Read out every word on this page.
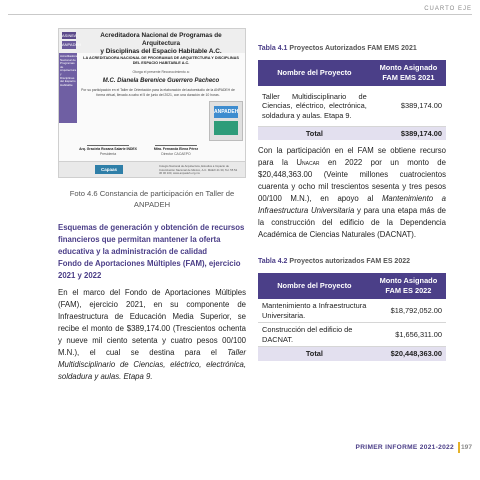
CUARTO EJE
ASINEA
ANPADEH
Acreditadora Nacional de Programas de Arquitectura
y Disciplinas del Espacio Habitable A.C.
Acreditadora Nacional de Programas de Arquitectura y Disciplinas del Espacio Habitable
LA ACREDITADORA NACIONAL DE PROGRAMAS DE ARQUITECTURA Y DISCIPLINAS
DEL ESPACIO HABITABLE A.C.
Otorga el presente Reconocimiento a:
M.C. Dianela Berenice Guerrero Pacheco
Por su participación en el Taller de Orientación para la elaboración del autoestudio de la ANPADEH de forma virtual, llevado a cabo el 5 de junio del 2021, con una duración de 10 horas.
ANPADEH
Arq. Graciela Roxana Salarte INDEX
Presidenta
Mtra. Fernanda Elena Pérez
Director CACAEPO
Capaas
Colegio Nacional de Arquitectura, Estudios a Impacto de Colonización Nacional de México, A.C. MAEX 41 30, Tel. 55 52 36 00 100, www.anpadeh.org.mx
Foto 4.6 Constancia de participación en Taller de ANPADEH
Esquemas de generación y obtención de recursos financieros que permitan mantener la oferta educativa y la administración de calidad
Fondo de Aportaciones Múltiples (FAM), ejercicio 2021 y 2022
En el marco del Fondo de Aportaciones Múltiples (FAM), ejercicio 2021, en su componente de Infraestructura de Educación Media Superior, se recibe el monto de $389,174.00 (Trescientos ochenta y nueve mil ciento setenta y cuatro pesos 00/100 M.N.), el cual se destina para el Taller Multidisciplinario de Ciencias, eléctrico, electrónica, soldadura y aulas. Etapa 9.
Tabla 4.1 Proyectos Autorizados FAM EMS 2021
Nombre del Proyecto	Monto Asignado FAM EMS 2021
Taller Multidisciplinario de Ciencias, eléctrico, electrónica, soldadura y aulas. Etapa 9.	$389,174.00
Total	$389,174.00
Con la participación en el FAM se obtiene recurso para la Unacar en 2022 por un monto de $20,448,363.00 (Veinte millones cuatrocientos cuarenta y ocho mil trescientos sesenta y tres pesos 00/100 M.N.), en apoyo al Mantenimiento a Infraestructura Universitaria y para una etapa más de la construcción del edificio de la Dependencia Académica de Ciencias Naturales (DACNAT).
Tabla 4.2 Proyectos autorizados FAM ES 2022
Nombre del Proyecto	Monto Asignado FAM ES 2022
Mantenimiento a Infraestructura Universitaria.	$18,792,052.00
Construcción del edificio de DACNAT.	$1,656,311.00
Total	$20,448,363.00
PRIMER INFORME 2021-2022 197
